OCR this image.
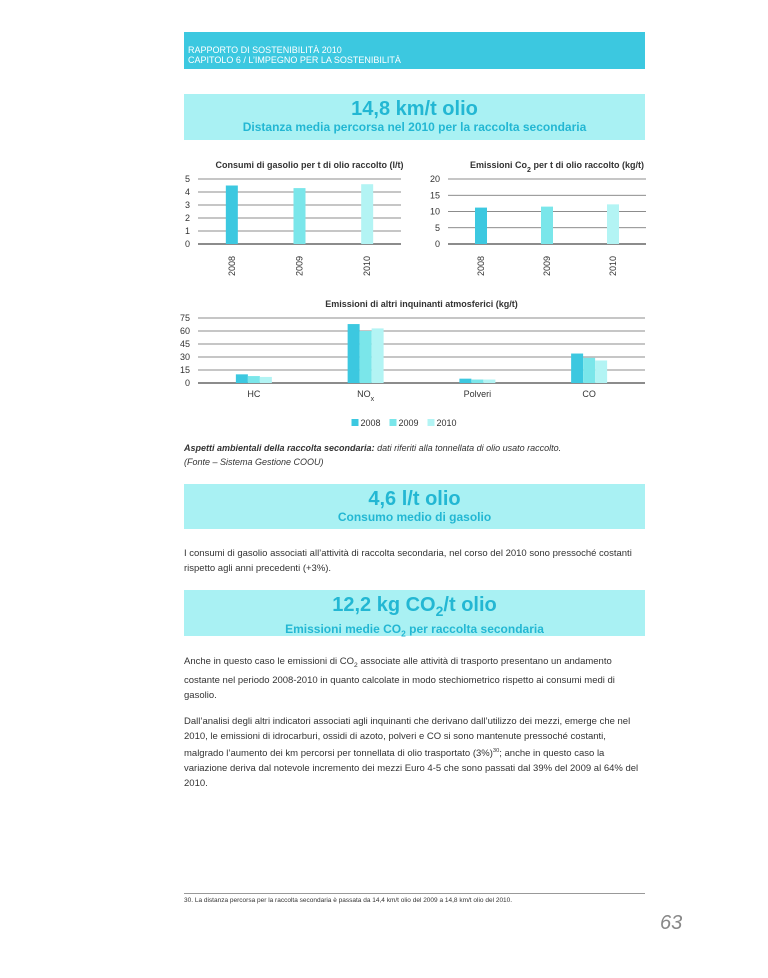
RAPPORTO DI SOSTENIBILITÀ 2010
CAPITOLO 6 / L’IMPEGNO PER LA SOSTENIBILITÀ
14,8 km/t olio
Distanza media percorsa nel 2010 per la raccolta secondaria
Consumi di gasolio per t di olio raccolto (l/t)
0
1
2
3
4
5
2008	2009	2010
Emissioni $Co_2$ per t di olio raccolto (kg/t)
0
5
10
15
20
2008	2009	2010
Emissioni di altri inquinanti atmosferici (kg/t)
0
15
30
45
60
75
HC	$NO_x$	Polveri	CO
2008 2009 2010
Aspetti ambientali della raccolta secondaria: dati riferiti alla tonnellata di olio usato raccolto.
(Fonte – Sistema Gestione COOU)
4,6 l/t olio
Consumo medio di gasolio
I consumi di gasolio associati all’attività di raccolta secondaria, nel corso del 2010 sono pressoché costanti rispetto agli anni precedenti (+3%).
12,2 kg $CO_2/t$ olio
Emissioni medie $CO_2$ per raccolta secondaria
Anche in questo caso le emissioni di $CO_2$ associate alle attività di trasporto presentano un andamento costante nel periodo 2008-2010 in quanto calcolate in modo stechiometrico rispetto ai consumi medi di gasolio.
Dall’analisi degli altri indicatori associati agli inquinanti che derivano dall’utilizzo dei mezzi, emerge che nel 2010, le emissioni di idrocarburi, ossidi di azoto, polveri e CO si sono mantenute pressoché costanti, malgrado l’aumento dei km percorsi per tonnellata di olio trasportato $(3\%)^{30}$; anche in questo caso la variazione deriva dal notevole incremento dei mezzi Euro 4-5 che sono passati dal 39% del 2009 al 64% del 2010.
30. La distanza percorsa per la raccolta secondaria è passata da 14,4 km/t olio del 2009 a 14,8 km/t olio del 2010.
63
